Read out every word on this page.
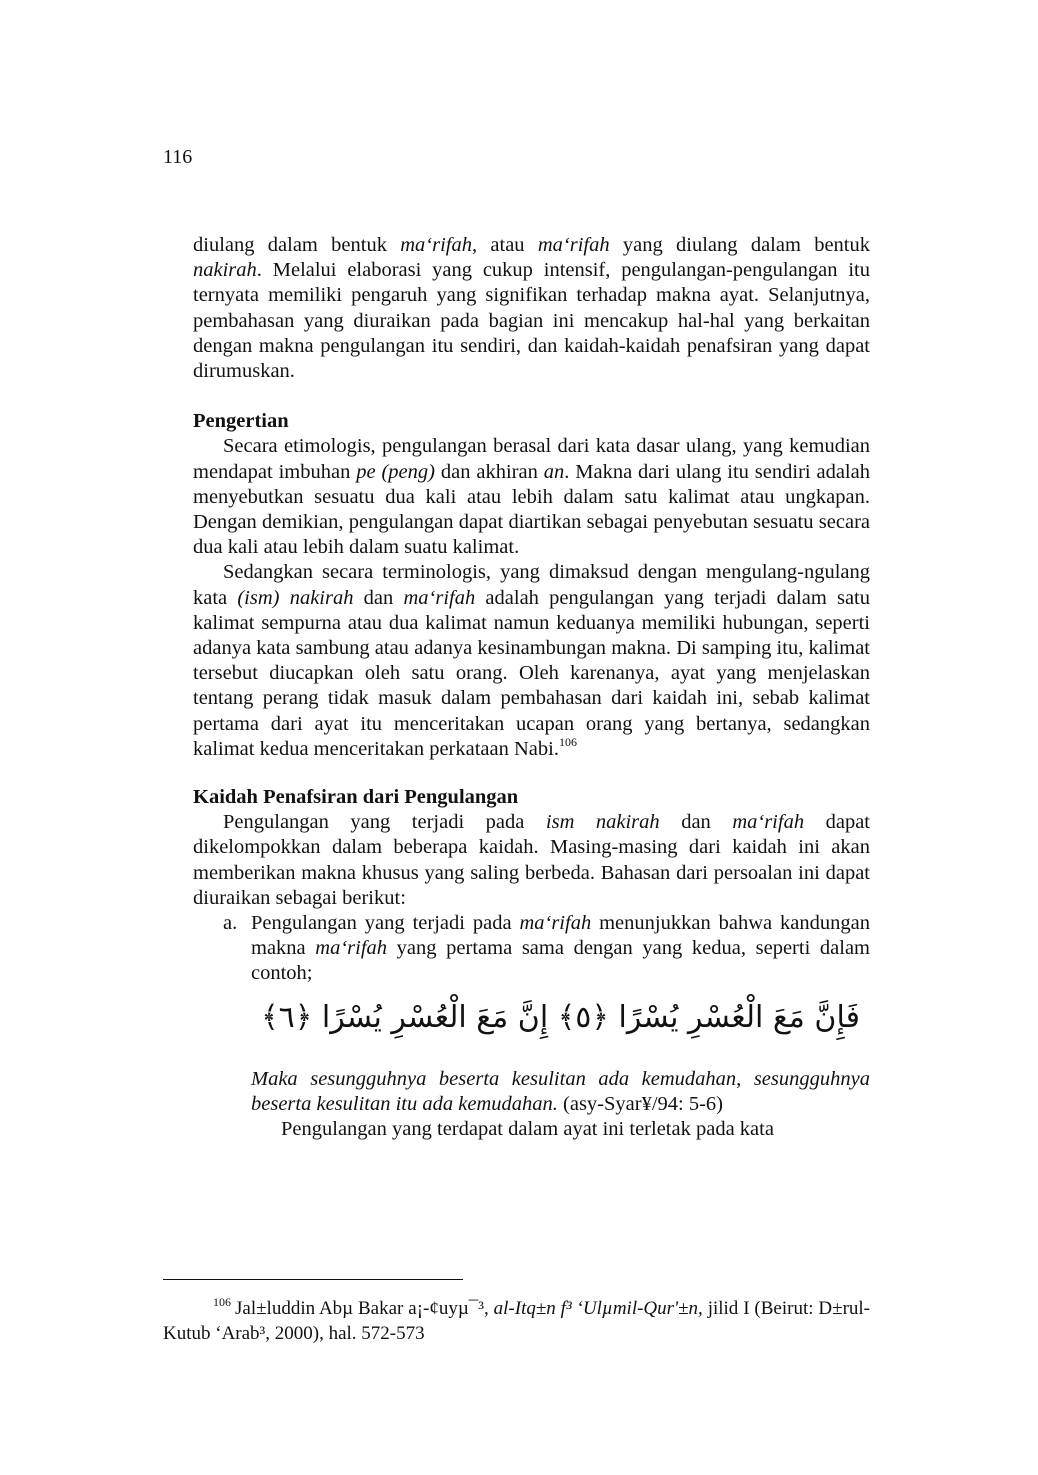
116

diulang dalam bentuk ma‘rifah, atau ma‘rifah yang diulang dalam bentuk nakirah. Melalui elaborasi yang cukup intensif, pengulangan-pengulangan itu ternyata memiliki pengaruh yang signifikan terhadap makna ayat. Selanjutnya, pembahasan yang diuraikan pada bagian ini mencakup hal-hal yang berkaitan dengan makna pengulangan itu sendiri, dan kaidah-kaidah penafsiran yang dapat dirumuskan.

Pengertian

Secara etimologis, pengulangan berasal dari kata dasar ulang, yang kemudian mendapat imbuhan pe (peng) dan akhiran an. Makna dari ulang itu sendiri adalah menyebutkan sesuatu dua kali atau lebih dalam satu kalimat atau ungkapan. Dengan demikian, pengulangan dapat diartikan sebagai penyebutan sesuatu secara dua kali atau lebih dalam suatu kalimat.

Sedangkan secara terminologis, yang dimaksud dengan mengulang-ngulang kata (ism) nakirah dan ma‘rifah adalah pengulangan yang terjadi dalam satu kalimat sempurna atau dua kalimat namun keduanya memiliki hubungan, seperti adanya kata sambung atau adanya kesinambungan makna. Di samping itu, kalimat tersebut diucapkan oleh satu orang. Oleh karenanya, ayat yang menjelaskan tentang perang tidak masuk dalam pembahasan dari kaidah ini, sebab kalimat pertama dari ayat itu menceritakan ucapan orang yang bertanya, sedangkan kalimat kedua menceritakan perkataan Nabi.$^{106}$

Kaidah Penafsiran dari Pengulangan

Pengulangan yang terjadi pada ism nakirah dan ma‘rifah dapat dikelompokkan dalam beberapa kaidah. Masing-masing dari kaidah ini akan memberikan makna khusus yang saling berbeda. Bahasan dari persoalan ini dapat diuraikan sebagai berikut:

a. Pengulangan yang terjadi pada ma‘rifah menunjukkan bahwa kandungan makna ma‘rifah yang pertama sama dengan yang kedua, seperti dalam contoh;
فَإِنَّ مَعَ الْعُسْرِ يُسْرًا ﴿٥﴾ إِنَّ مَعَ الْعُسْرِ يُسْرًا ﴿٦﴾

Maka sesungguhnya beserta kesulitan ada kemudahan, sesungguhnya beserta kesulitan itu ada kemudahan. (asy-Syar¥/94: 5-6)

Pengulangan yang terdapat dalam ayat ini terletak pada kata

$^{106}$ Jal±luddin Abµ Bakar a¡-¢uyµ¯³, al-Itq±n f³ ‘Ulµmil-Qur'±n, jilid I (Beirut: D±rul-Kutub ‘Arab³, 2000), hal. 572-573
